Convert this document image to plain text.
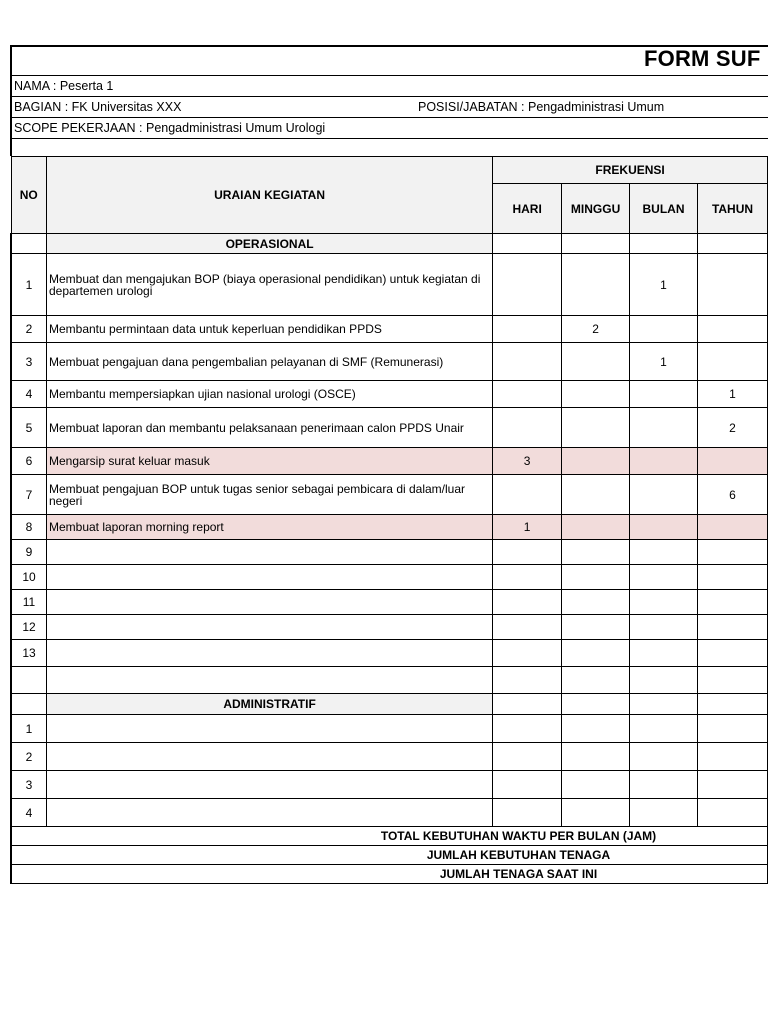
FORM SUF
NAMA : Peserta 1
BAGIAN : FK Universitas XXX	POSISI/JABATAN : Pengadministrasi Umum
SCOPE PEKERJAAN : Pengadministrasi Umum Urologi
NO	URAIAN KEGIATAN	FREKUENSI			
		HARI	MINGGU	BULAN	TAHUN
	OPERASIONAL				
1	Membuat dan mengajukan BOP (biaya operasional pendidikan) untuk kegiatan di departemen urologi			1	
2	Membantu permintaan data untuk keperluan pendidikan PPDS		2		
3	Membuat pengajuan dana pengembalian pelayanan di SMF (Remunerasi)			1	
4	Membantu mempersiapkan ujian nasional urologi (OSCE)				1
5	Membuat laporan dan membantu pelaksanaan penerimaan calon PPDS Unair				2
6	Mengarsip surat keluar masuk	3			
7	Membuat pengajuan BOP untuk tugas senior sebagai pembicara di dalam/luar negeri				6
8	Membuat laporan morning report	1			
9					
10					
11					
12					
13					

	ADMINISTRATIF				
1					
2					
3					
4					
TOTAL KEBUTUHAN WAKTU PER BULAN (JAM)					
JUMLAH KEBUTUHAN TENAGA					
JUMLAH TENAGA SAAT INI					
